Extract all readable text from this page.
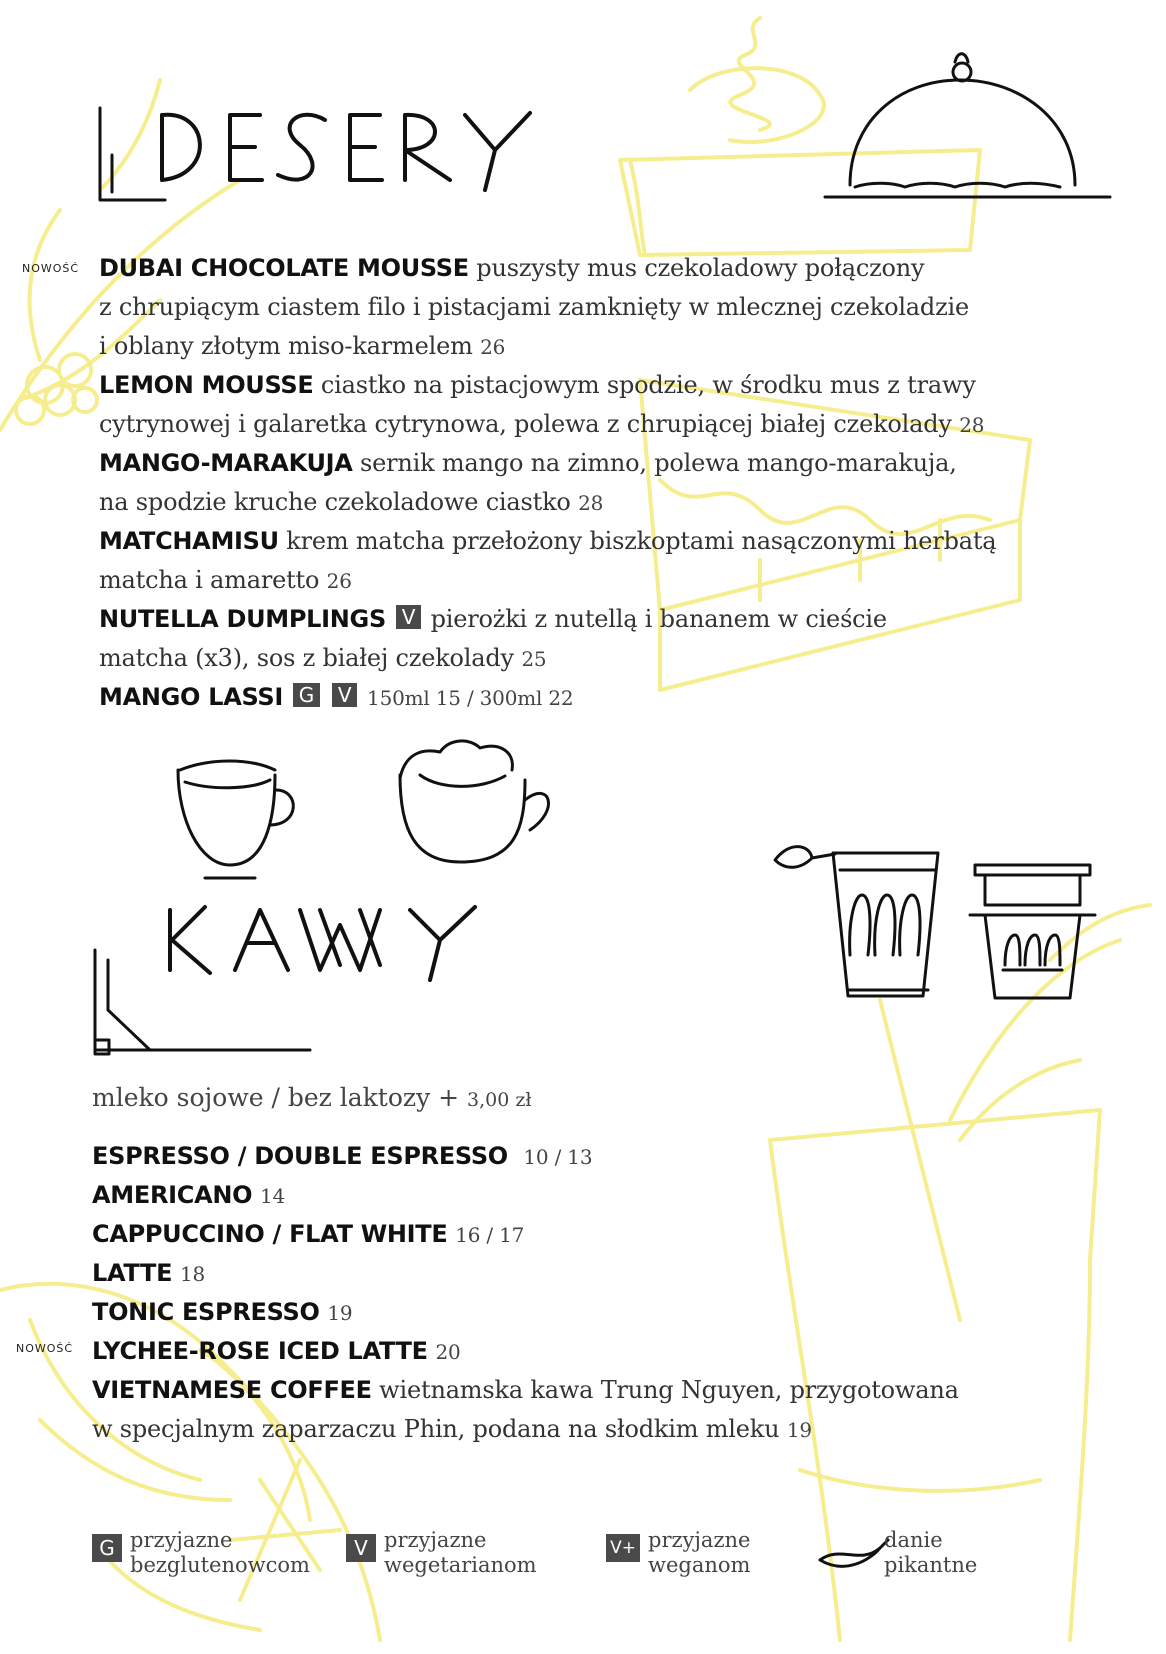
NOWOŚĆ DUBAI CHOCOLATE MOUSSE puszysty mus czekoladowy połączony
z chrupiącym ciastem filo i pistacjami zamknięty w mlecznej czekoladzie
i oblany złotym miso-karmelem 26
LEMON MOUSSE ciastko na pistacjowym spodzie, w środku mus z trawy
cytrynowej i galaretka cytrynowa, polewa z chrupiącej białej czekolady 28
MANGO-MARAKUJA sernik mango na zimno, polewa mango-marakuja,
na spodzie kruche czekoladowe ciastko 28
MATCHAMISU krem matcha przełożony biszkoptami nasączonymi herbatą
matcha i amaretto 26
NUTELLA DUMPLINGS V pierożki z nutellą i bananem w cieście
matcha (x3), sos z białej czekolady 25
MANGO LASSI G V 150ml 15 / 300ml 22
mleko sojowe / bez laktozy + 3,00 zł
ESPRESSO / DOUBLE ESPRESSO 10 / 13
AMERICANO 14
CAPPUCCINO / FLAT WHITE 16 / 17
LATTE 18
TONIC ESPRESSO 19
NOWOŚĆ LYCHEE-ROSE ICED LATTE 20
VIETNAMESE COFFEE wietnamska kawa Trung Nguyen, przygotowana
w specjalnym zaparzaczu Phin, podana na słodkim mleku 19
G przyjazne
bezglutenowcom
V przyjazne
wegetarianom
V+ przyjazne
weganom
danie
pikantne
